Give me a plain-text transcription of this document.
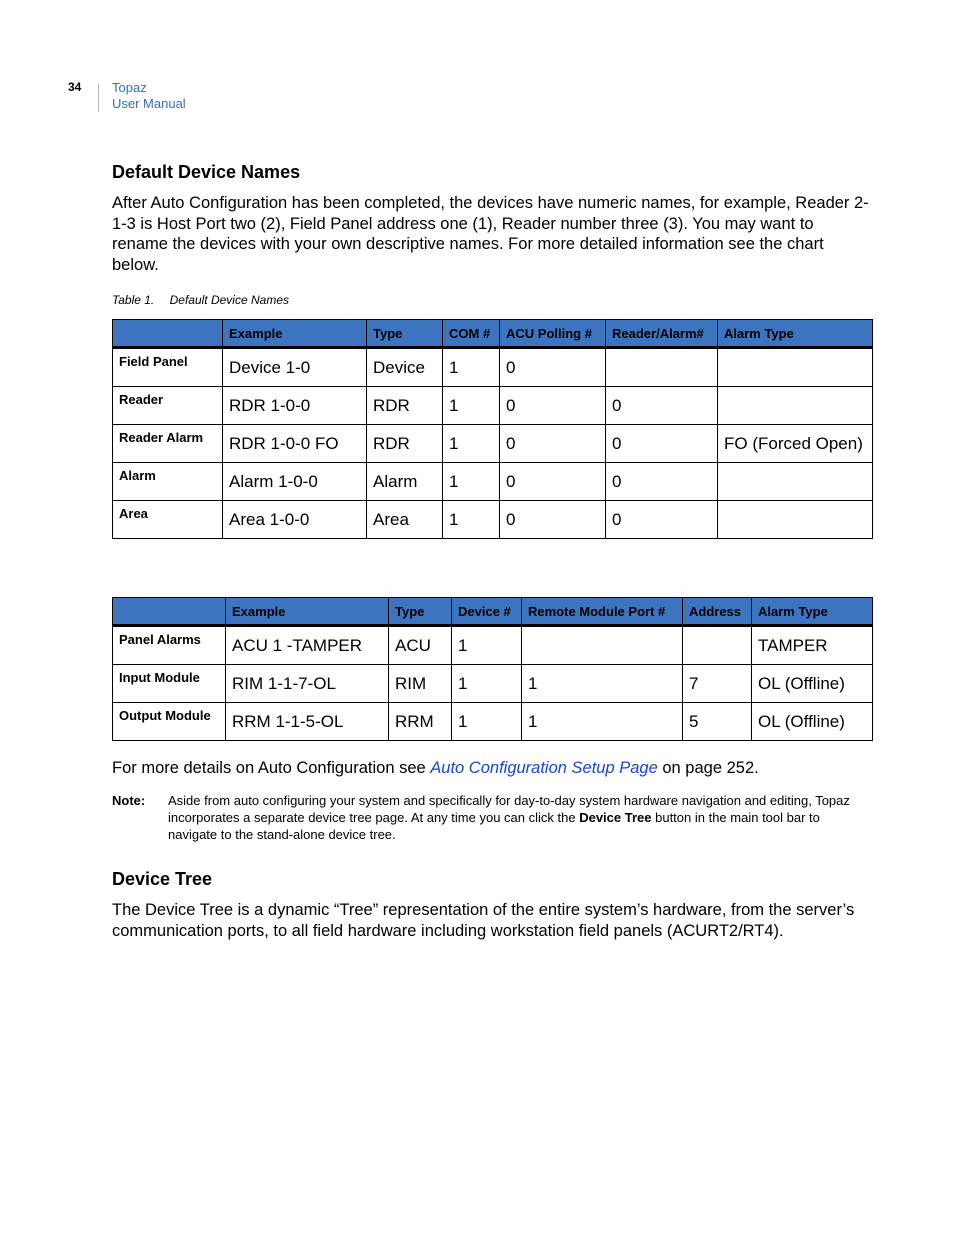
34 Topaz
User Manual
Default Device Names

After Auto Configuration has been completed, the devices have numeric names, for example, Reader 2-1-3 is Host Port two (2), Field Panel address one (1), Reader number three (3). You may want to rename the devices with your own descriptive names. For more detailed information see the chart below.

Table 1. Default Device Names
	Example	Type	COM #	ACU Polling #	Reader/Alarm#	Alarm Type
Field Panel	Device 1-0	Device	1	0		
Reader	RDR 1-0-0	RDR	1	0	0	
Reader Alarm	RDR 1-0-0 FO	RDR	1	0	0	FO (Forced Open)
Alarm	Alarm 1-0-0	Alarm	1	0	0	
Area	Area 1-0-0	Area	1	0	0	
	Example	Type	Device #	Remote Module Port #	Address	Alarm Type
Panel Alarms	ACU 1 -TAMPER	ACU	1			TAMPER
Input Module	RIM 1-1-7-OL	RIM	1	1	7	OL (Offline)
Output Module	RRM 1-1-5-OL	RRM	1	1	5	OL (Offline)

For more details on Auto Configuration see Auto Configuration Setup Page on page 252.

Note:	Aside from auto configuring your system and specifically for day-to-day system hardware navigation and editing, Topaz incorporates a separate device tree page. At any time you can click the Device Tree button in the main tool bar to navigate to the stand-alone device tree.
Device Tree

The Device Tree is a dynamic “Tree” representation of the entire system’s hardware, from the server’s communication ports, to all field hardware including workstation field panels (ACURT2/RT4).
